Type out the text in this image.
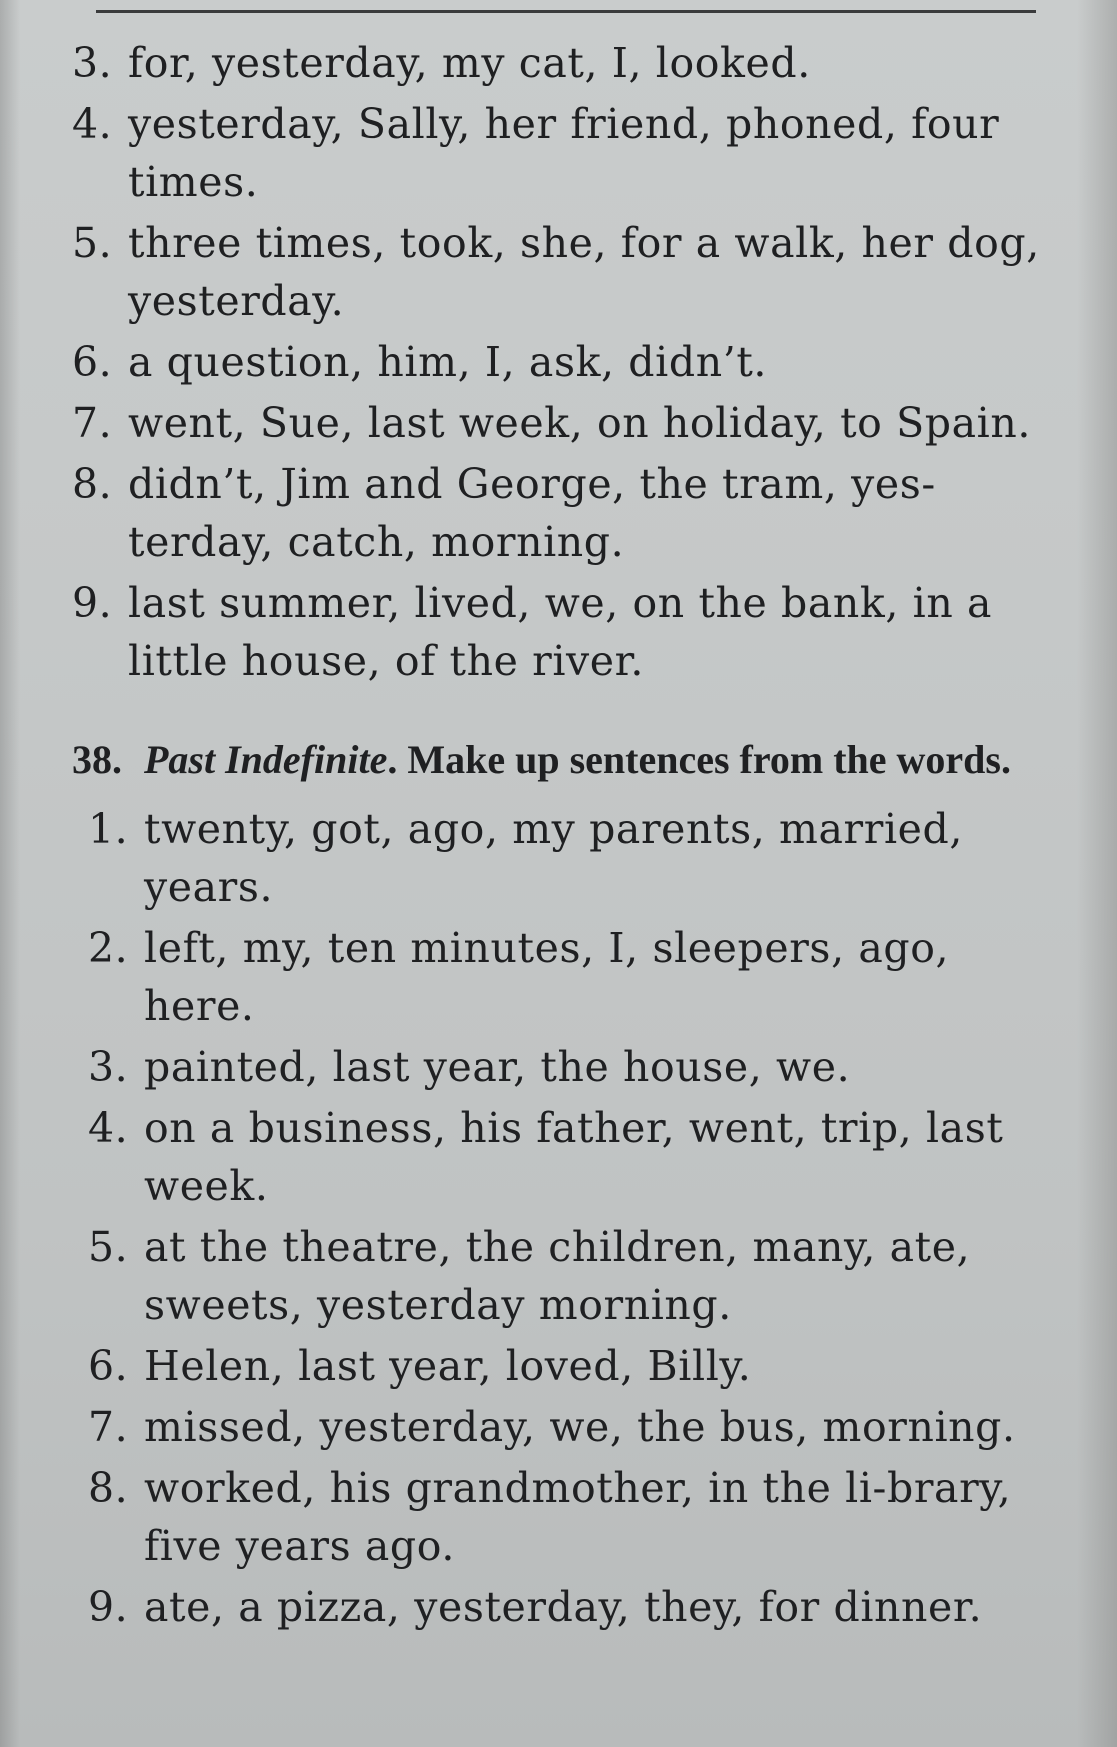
3. for, yesterday, my cat, I, looked.
4. yesterday, Sally, her friend, phoned, four times.
5. three times, took, she, for a walk, her dog, yesterday.
6. a question, him, I, ask, didn’t.
7. went, Sue, last week, on holiday, to Spain.
8. didn’t, Jim and George, the tram, yes-terday, catch, morning.
9. last summer, lived, we, on the bank, in a little house, of the river.
38. Past Indefinite. Make up sentences from the words.
1. twenty, got, ago, my parents, married, years.
2. left, my, ten minutes, I, sleepers, ago, here.
3. painted, last year, the house, we.
4. on a business, his father, went, trip, last week.
5. at the theatre, the children, many, ate, sweets, yesterday morning.
6. Helen, last year, loved, Billy.
7. missed, yesterday, we, the bus, morning.
8. worked, his grandmother, in the li-brary, five years ago.
9. ate, a pizza, yesterday, they, for dinner.
